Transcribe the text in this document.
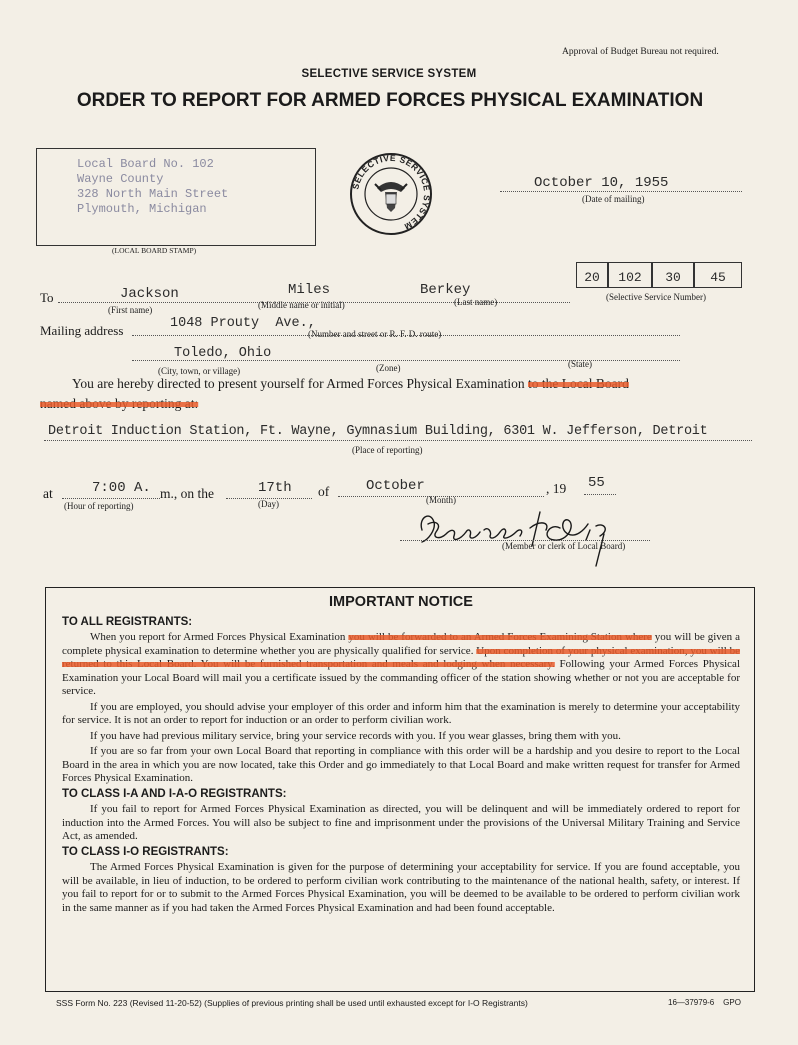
Approval of Budget Bureau not required.
SELECTIVE SERVICE SYSTEM
ORDER TO REPORT FOR ARMED FORCES PHYSICAL EXAMINATION
Local Board No. 102
Wayne County
328 North Main Street
Plymouth, Michigan
(LOCAL BOARD STAMP)
SELECTIVE SERVICE SYSTEM
October 10, 1955
(Date of mailing)
To	Jackson	Miles	Berkey
(First name)	(Middle name or initial)	(Last name)
20 102 30 45
(Selective Service Number)
Mailing address	1048 Prouty  Ave.,
(Number and street or R. F. D. route)
Toledo, Ohio
(City, town, or village)	(Zone)	(State)
You are hereby directed to present yourself for Armed Forces Physical Examination to the Local Board
named above by reporting at:
Detroit Induction Station, Ft. Wayne, Gymnasium Building, 6301 W. Jefferson, Detroit
(Place of reporting)
at	7:00 A. m., on the	17th of	October	, 19 55
(Hour of reporting)	(Day)	(Month)
(Member or clerk of Local Board)
IMPORTANT NOTICE
TO ALL REGISTRANTS:

When you report for Armed Forces Physical Examination you will be forwarded to an Armed Forces Examining Station where you will be given a complete physical examination to determine whether you are physically qualified for service. Upon completion of your physical examination, you will be returned to this Local Board. You will be furnished transportation and meals and lodging when necessary. Following your Armed Forces Physical Examination your Local Board will mail you a certificate issued by the commanding officer of the station showing whether or not you are acceptable for service.

If you are employed, you should advise your employer of this order and inform him that the examination is merely to determine your acceptability for service. It is not an order to report for induction or an order to perform civilian work.

If you have had previous military service, bring your service records with you. If you wear glasses, bring them with you.

If you are so far from your own Local Board that reporting in compliance with this order will be a hardship and you desire to report to the Local Board in the area in which you are now located, take this Order and go immediately to that Local Board and make written request for transfer for Armed Forces Physical Examination.

TO CLASS I-A AND I-A-O REGISTRANTS:

If you fail to report for Armed Forces Physical Examination as directed, you will be delinquent and will be immediately ordered to report for induction into the Armed Forces. You will also be subject to fine and imprisonment under the provisions of the Universal Military Training and Service Act, as amended.

TO CLASS I-O REGISTRANTS:

The Armed Forces Physical Examination is given for the purpose of determining your acceptability for service. If you are found acceptable, you will be available, in lieu of induction, to be ordered to perform civilian work contributing to the maintenance of the national health, safety, or interest. If you fail to report for or to submit to the Armed Forces Physical Examination, you will be deemed to be available to be ordered to perform civilian work in the same manner as if you had taken the Armed Forces Physical Examination and had been found acceptable.

SSS Form No. 223 (Revised 11-20-52) (Supplies of previous printing shall be used until exhausted except for I-O Registrants)	16—37979-6    GPO
